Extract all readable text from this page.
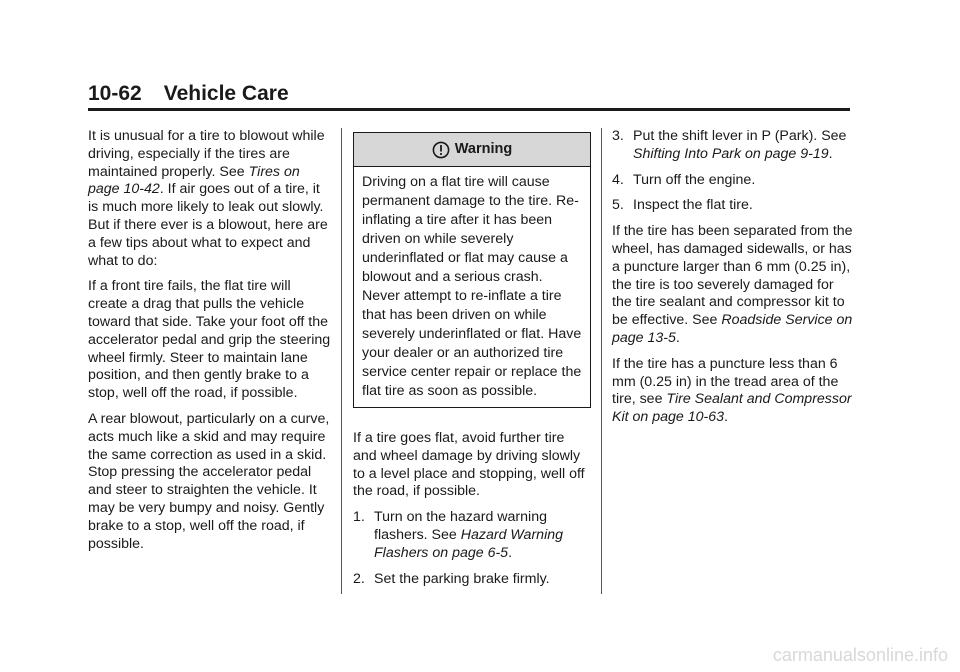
10-62 Vehicle Care

It is unusual for a tire to blowout while driving, especially if the tires are maintained properly. See Tires on page 10-42. If air goes out of a tire, it is much more likely to leak out slowly. But if there ever is a blowout, here are a few tips about what to expect and what to do:

If a front tire fails, the flat tire will create a drag that pulls the vehicle toward that side. Take your foot off the accelerator pedal and grip the steering wheel firmly. Steer to maintain lane position, and then gently brake to a stop, well off the road, if possible.

A rear blowout, particularly on a curve, acts much like a skid and may require the same correction as used in a skid. Stop pressing the accelerator pedal and steer to straighten the vehicle. It may be very bumpy and noisy. Gently brake to a stop, well off the road, if possible.

Warning
Driving on a flat tire will cause permanent damage to the tire. Re-inflating a tire after it has been driven on while severely underinflated or flat may cause a blowout and a serious crash. Never attempt to re-inflate a tire that has been driven on while severely underinflated or flat. Have your dealer or an authorized tire service center repair or replace the flat tire as soon as possible.

If a tire goes flat, avoid further tire and wheel damage by driving slowly to a level place and stopping, well off the road, if possible.

1. Turn on the hazard warning flashers. See Hazard Warning Flashers on page 6-5.
2. Set the parking brake firmly.
3. Put the shift lever in P (Park). See Shifting Into Park on page 9-19.
4. Turn off the engine.
5. Inspect the flat tire.

If the tire has been separated from the wheel, has damaged sidewalls, or has a puncture larger than 6 mm (0.25 in), the tire is too severely damaged for the tire sealant and compressor kit to be effective. See Roadside Service on page 13-5.

If the tire has a puncture less than 6 mm (0.25 in) in the tread area of the tire, see Tire Sealant and Compressor Kit on page 10-63.

carmanualsonline.info
